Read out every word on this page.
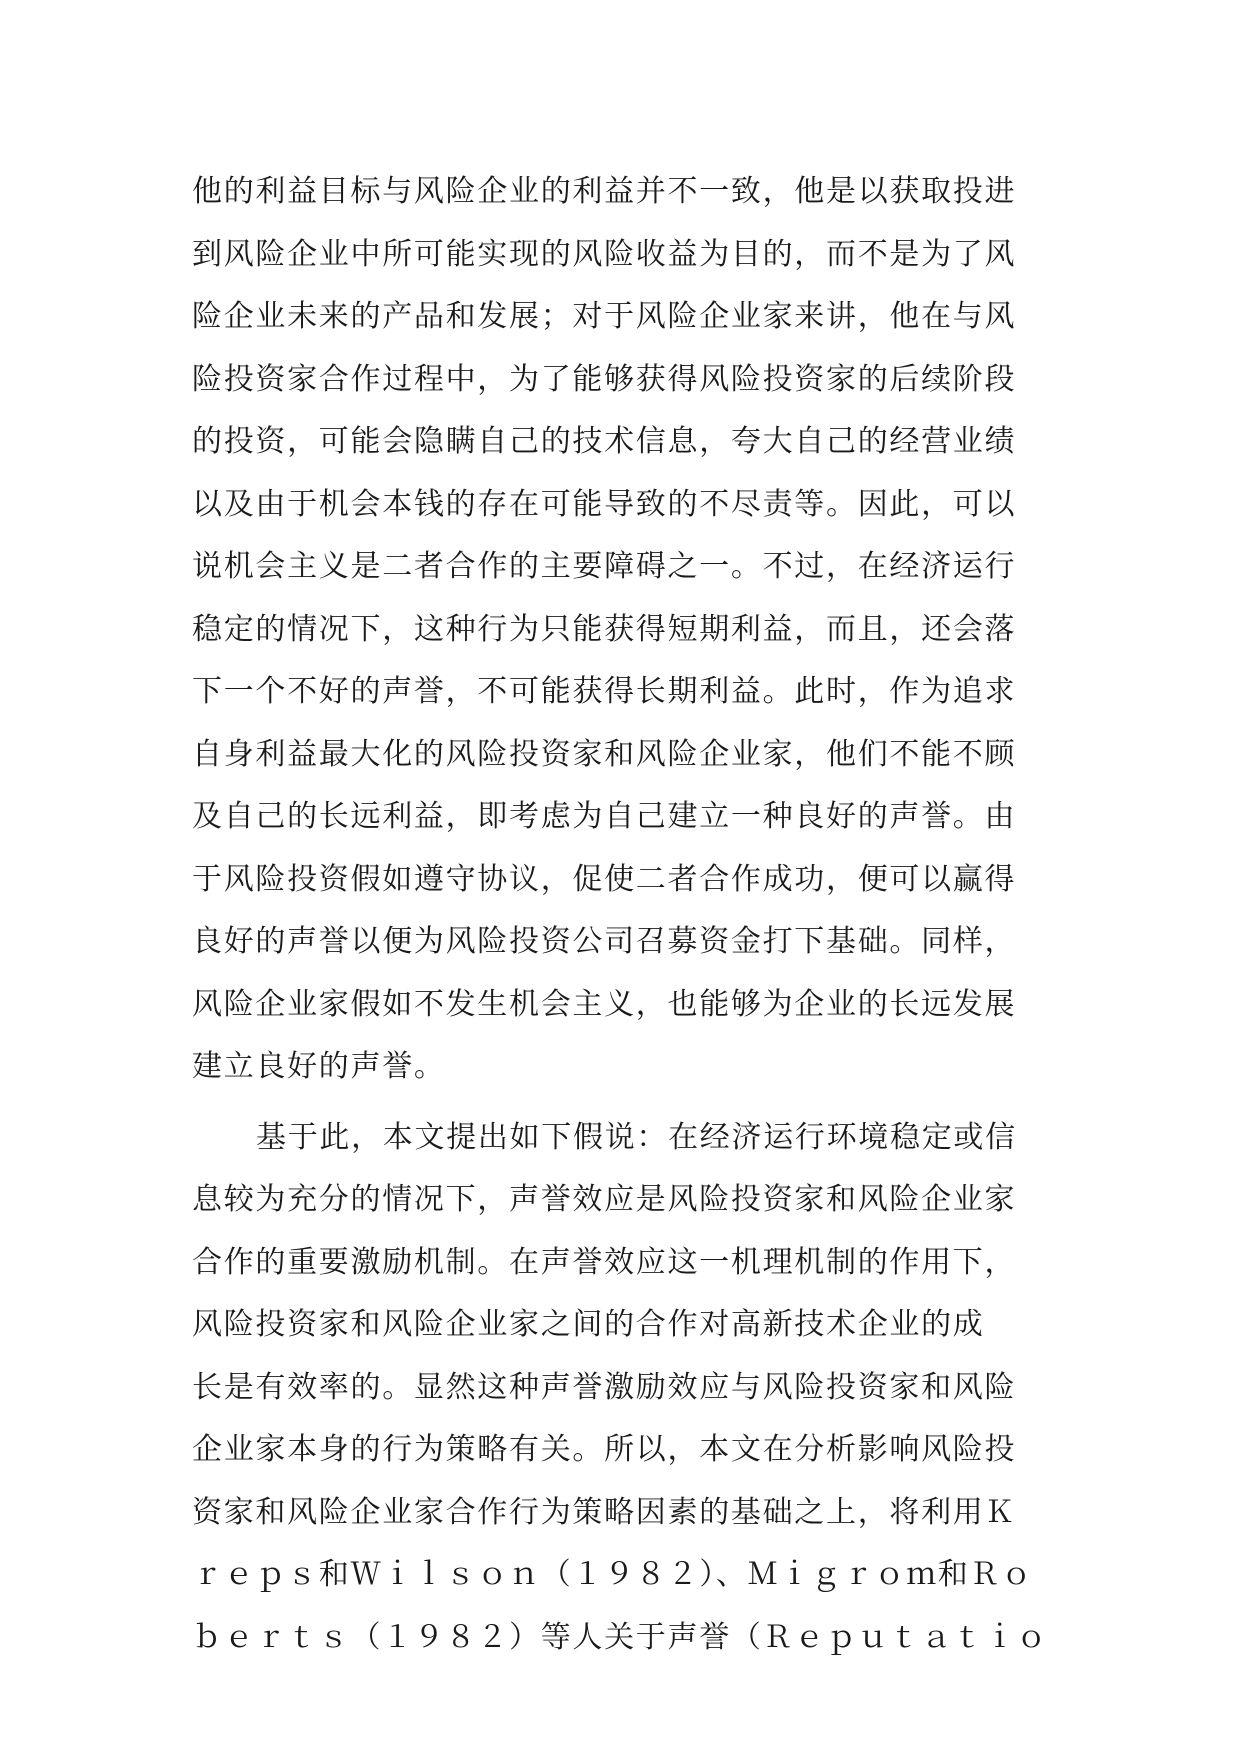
他的利益目标与风险企业的利益并不一致，他是以获取投进
到风险企业中所可能实现的风险收益为目的，而不是为了风
险企业未来的产品和发展；对于风险企业家来讲，他在与风
险投资家合作过程中，为了能够获得风险投资家的后续阶段
的投资，可能会隐瞒自己的技术信息，夸大自己的经营业绩
以及由于机会本钱的存在可能导致的不尽责等。因此，可以
说机会主义是二者合作的主要障碍之一。不过，在经济运行
稳定的情况下，这种行为只能获得短期利益，而且，还会落
下一个不好的声誉，不可能获得长期利益。此时，作为追求
自身利益最大化的风险投资家和风险企业家，他们不能不顾
及自己的长远利益，即考虑为自己建立一种良好的声誉。由
于风险投资假如遵守协议，促使二者合作成功，便可以赢得
良好的声誉以便为风险投资公司召募资金打下基础。同样，
风险企业家假如不发生机会主义，也能够为企业的长远发展
建立良好的声誉。
基于此，本文提出如下假说：在经济运行环境稳定或信
息较为充分的情况下，声誉效应是风险投资家和风险企业家
合作的重要激励机制。在声誉效应这一机理机制的作用下，
风险投资家和风险企业家之间的合作对高新技术企业的成
长是有效率的。显然这种声誉激励效应与风险投资家和风险
企业家本身的行为策略有关。所以，本文在分析影响风险投
资家和风险企业家合作行为策略因素的基础之上，将利用Ｋ
ｒｅｐｓ和Ｗｉｌｓｏｎ（１９８２）、Ｍｉｇｒｏｍ和Ｒｏ
ｂｅｒｔｓ（１９８２）等人关于声誉（Ｒｅｐｕｔａｔｉｏ
